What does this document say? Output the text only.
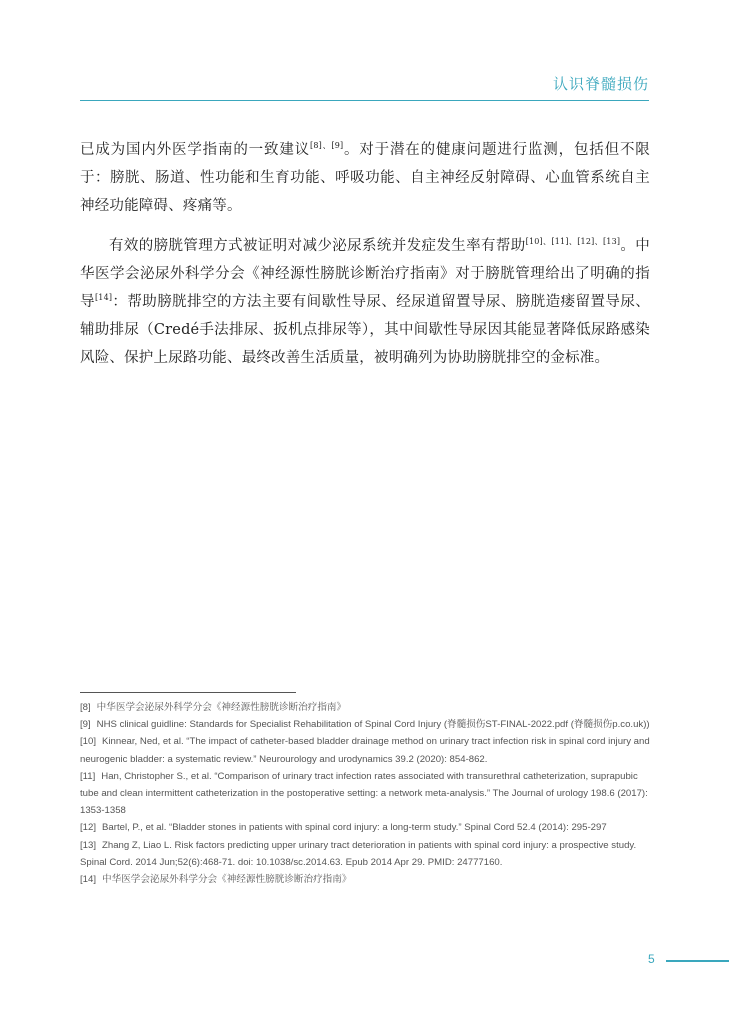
认识脊髓损伤

已成为国内外医学指南的一致建议[8]、[9]。对于潜在的健康问题进行监测，包括但不限于：膀胱、肠道、性功能和生育功能、呼吸功能、自主神经反射障碍、心血管系统自主神经功能障碍、疼痛等。

有效的膀胱管理方式被证明对减少泌尿系统并发症发生率有帮助[10]、[11]、[12]、[13]。中华医学会泌尿外科学分会《神经源性膀胱诊断治疗指南》对于膀胱管理给出了明确的指导[14]：帮助膀胱排空的方法主要有间歇性导尿、经尿道留置导尿、膀胱造瘘留置导尿、辅助排尿（Credé手法排尿、扳机点排尿等），其中间歇性导尿因其能显著降低尿路感染风险、保护上尿路功能、最终改善生活质量，被明确列为协助膀胱排空的金标准。

[8] 中华医学会泌尿外科学分会《神经源性膀胱诊断治疗指南》

[9] NHS clinical guidline: Standards for Specialist Rehabilitation of Spinal Cord Injury (脊髓损伤ST-FINAL-2022.pdf (脊髓损伤p.co.uk))

[10] Kinnear, Ned, et al. “The impact of catheter‐based bladder drainage method on urinary tract infection risk in spinal cord injury and neurogenic bladder: a systematic review.” Neurourology and urodynamics 39.2 (2020): 854-862.

[11] Han, Christopher S., et al. “Comparison of urinary tract infection rates associated with transurethral catheterization, suprapubic tube and clean intermittent catheterization in the postoperative setting: a network meta-analysis.” The Journal of urology 198.6 (2017): 1353-1358

[12] Bartel, P., et al. “Bladder stones in patients with spinal cord injury: a long-term study.” Spinal Cord 52.4 (2014): 295-297

[13] Zhang Z, Liao L. Risk factors predicting upper urinary tract deterioration in patients with spinal cord injury: a prospective study. Spinal Cord. 2014 Jun;52(6):468-71. doi: 10.1038/sc.2014.63. Epub 2014 Apr 29. PMID: 24777160.

[14] 中华医学会泌尿外科学分会《神经源性膀胱诊断治疗指南》

5
